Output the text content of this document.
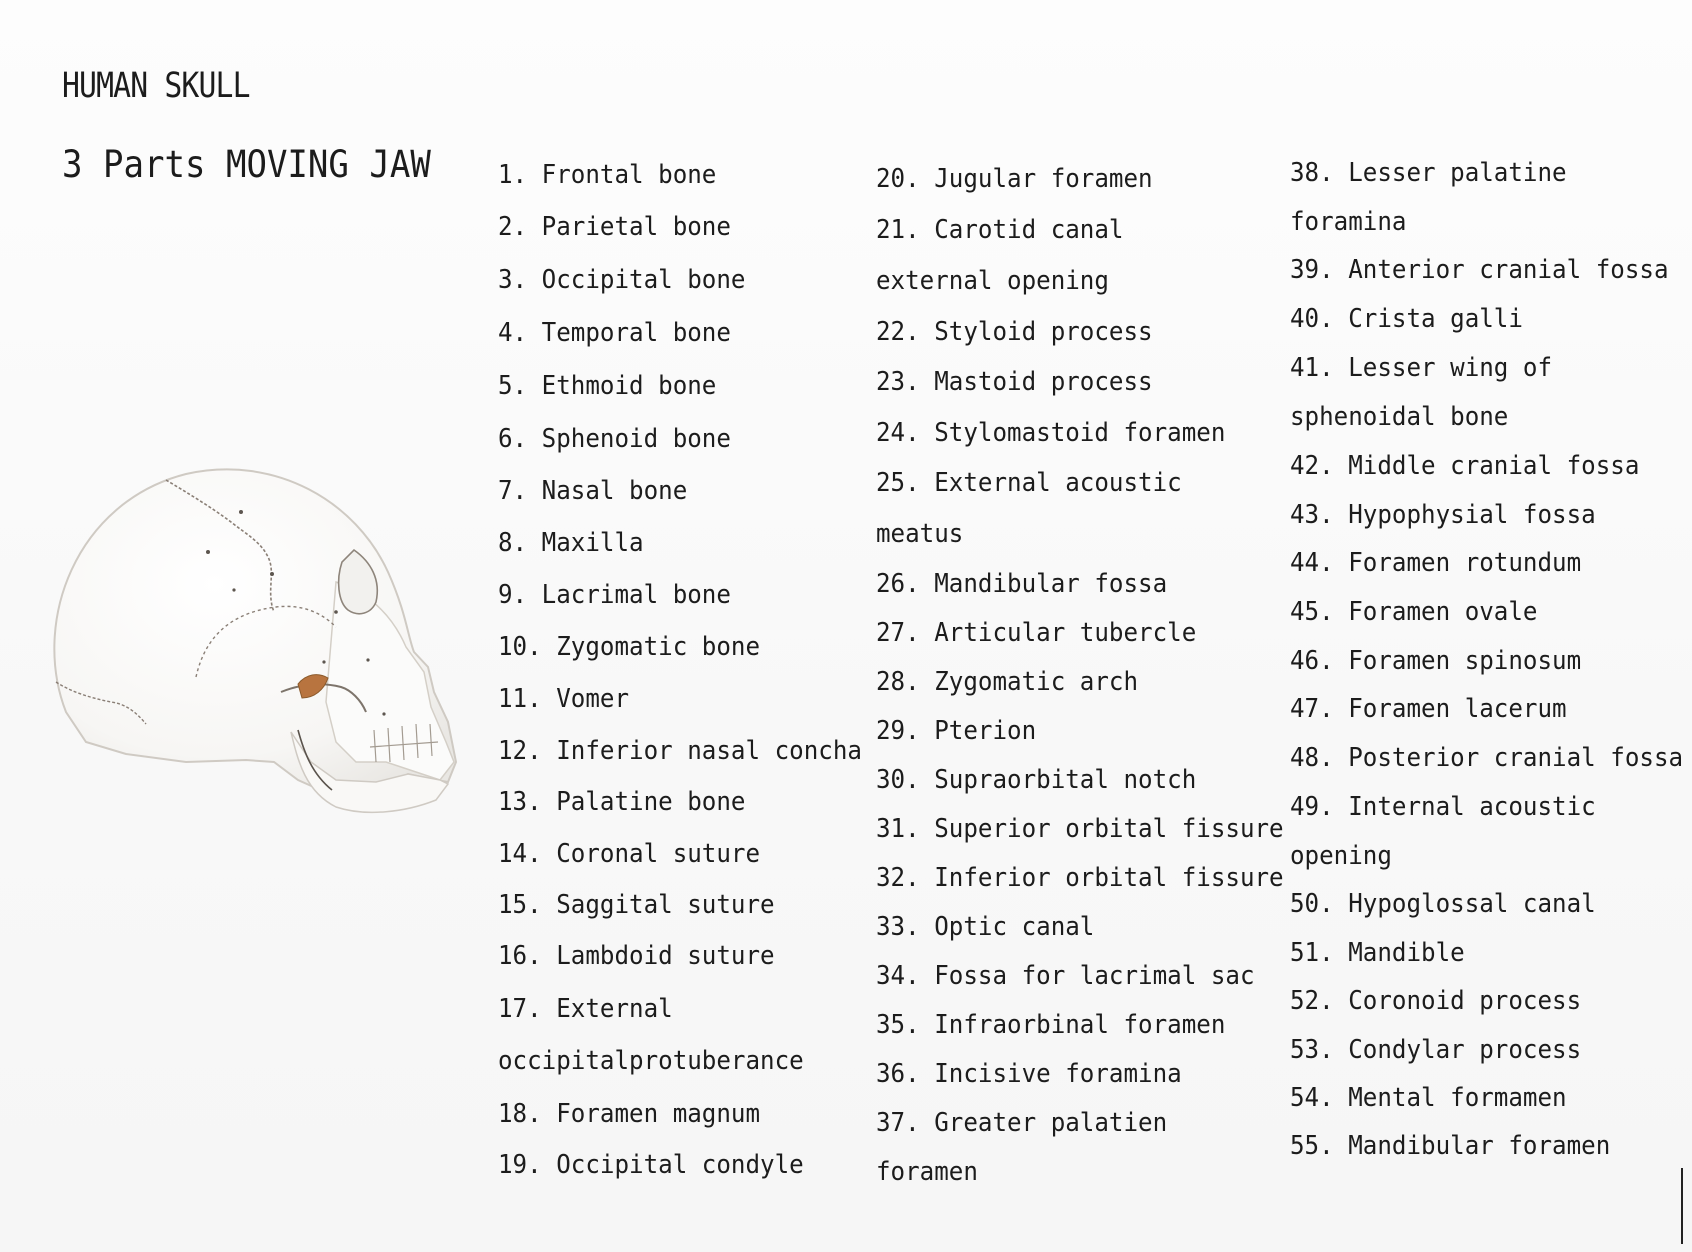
HUMAN SKULL
3 Parts MOVING JAW	1. Frontal bone
2. Parietal bone
3. Occipital bone
4. Temporal bone
5. Ethmoid bone
6. Sphenoid bone
7. Nasal bone
8. Maxilla
9. Lacrimal bone
10. Zygomatic bone
11. Vomer
12. Inferior nasal concha
13. Palatine bone
14. Coronal suture
15. Saggital suture
16. Lambdoid suture
17. External
occipitalprotuberance
18. Foramen magnum
19. Occipital condyle
20. Jugular foramen
21. Carotid canal
external opening
22. Styloid process
23. Mastoid process
24. Stylomastoid foramen
25. External acoustic
meatus
26. Mandibular fossa
27. Articular tubercle
28. Zygomatic arch
29. Pterion
30. Supraorbital notch
31. Superior orbital fissure
32. Inferior orbital fissure
33. Optic canal
34. Fossa for lacrimal sac
35. Infraorbinal foramen
36. Incisive foramina
37. Greater palatien
foramen
38. Lesser palatine
foramina
39. Anterior cranial fossa
40. Crista galli
41. Lesser wing of
sphenoidal bone
42. Middle cranial fossa
43. Hypophysial fossa
44. Foramen rotundum
45. Foramen ovale
46. Foramen spinosum
47. Foramen lacerum
48. Posterior cranial fossa
49. Internal acoustic
opening
50. Hypoglossal canal
51. Mandible
52. Coronoid process
53. Condylar process
54. Mental formamen
55. Mandibular foramen
